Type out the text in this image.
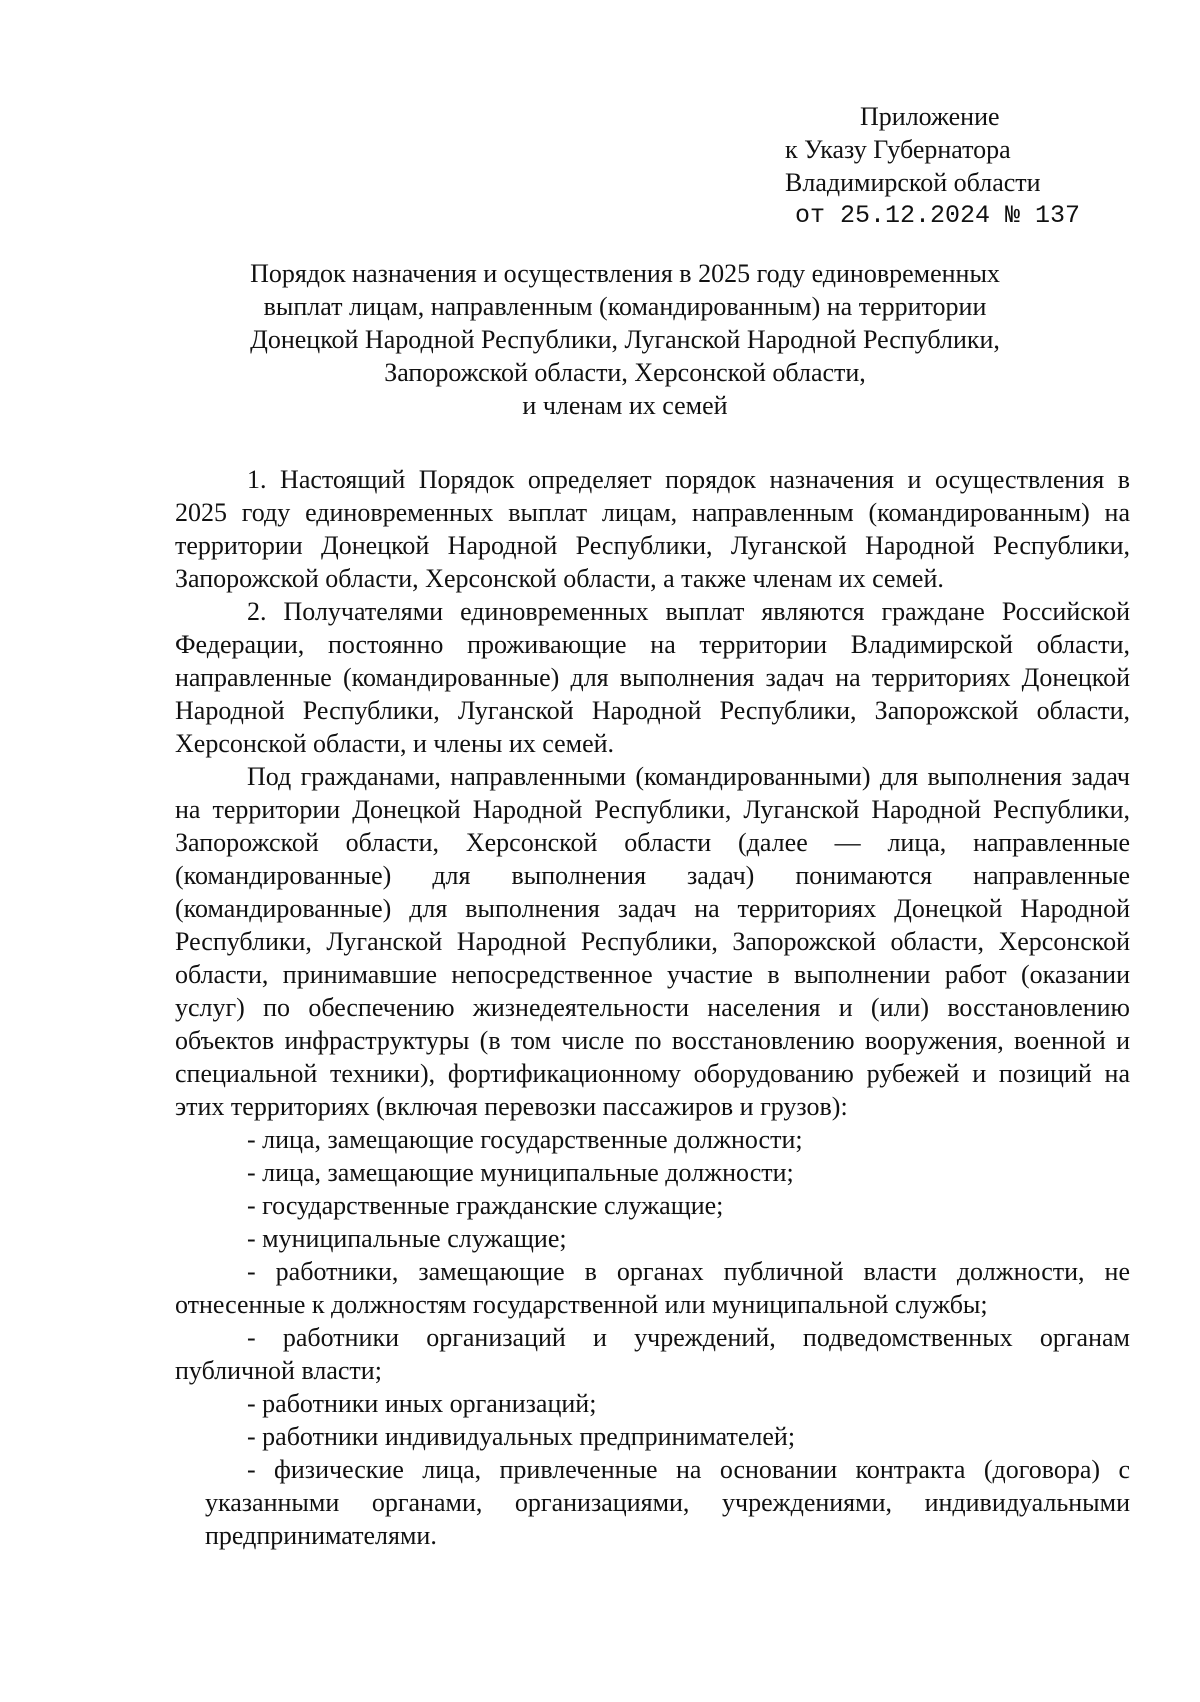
Приложение
к Указу Губернатора
Владимирской области
от 25.12.2024 № 137
Порядок назначения и осуществления в 2025 году единовременных
выплат лицам, направленным (командированным) на территории
Донецкой Народной Республики, Луганской Народной Республики,
Запорожской области, Херсонской области,
и членам их семей

1. Настоящий Порядок определяет порядок назначения и осуществления в 2025 году единовременных выплат лицам, направленным (командированным) на территории Донецкой Народной Республики, Луганской Народной Республики, Запорожской области, Херсонской области, а также членам их семей.

2. Получателями единовременных выплат являются граждане Российской Федерации, постоянно проживающие на территории Владимирской области, направленные (командированные) для выполнения задач на территориях Донецкой Народной Республики, Луганской Народной Республики, Запорожской области, Херсонской области, и члены их семей.

Под гражданами, направленными (командированными) для выполнения задач на территории Донецкой Народной Республики, Луганской Народной Республики, Запорожской области, Херсонской области (далее — лица, направленные (командированные) для выполнения задач) понимаются направленные (командированные) для выполнения задач на территориях Донецкой Народной Республики, Луганской Народной Республики, Запорожской области, Херсонской области, принимавшие непосредственное участие в выполнении работ (оказании услуг) по обеспечению жизнедеятельности населения и (или) восстановлению объектов инфраструктуры (в том числе по восстановлению вооружения, военной и специальной техники), фортификационному оборудованию рубежей и позиций на этих территориях (включая перевозки пассажиров и грузов):

- лица, замещающие государственные должности;

- лица, замещающие муниципальные должности;

- государственные гражданские служащие;

- муниципальные служащие;

- работники, замещающие в органах публичной власти должности, не отнесенные к должностям государственной или муниципальной службы;

- работники организаций и учреждений, подведомственных органам публичной власти;

- работники иных организаций;

- работники индивидуальных предпринимателей;

- физические лица, привлеченные на основании контракта (договора) с указанными органами, организациями, учреждениями, индивидуальными предпринимателями.
